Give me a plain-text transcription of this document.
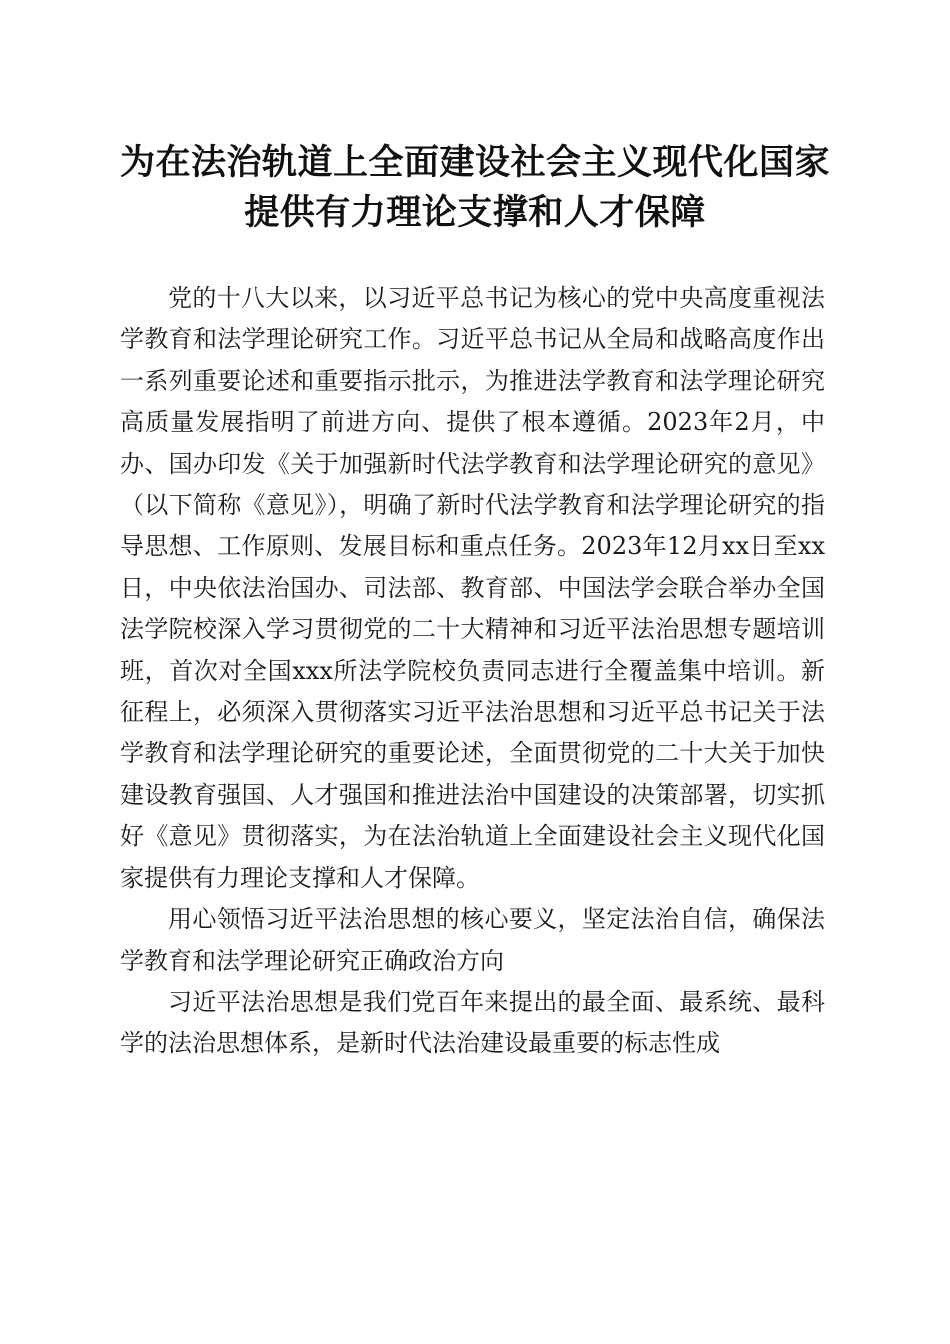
为在法治轨道上全面建设社会主义现代化国家
提供有力理论支撑和人才保障

党的十八大以来，以习近平总书记为核心的党中央高度重视法学教育和法学理论研究工作。习近平总书记从全局和战略高度作出一系列重要论述和重要指示批示，为推进法学教育和法学理论研究高质量发展指明了前进方向、提供了根本遵循。2023年2月，中办、国办印发《关于加强新时代法学教育和法学理论研究的意见》（以下简称《意见》），明确了新时代法学教育和法学理论研究的指导思想、工作原则、发展目标和重点任务。2023年12月xx日至xx日，中央依法治国办、司法部、教育部、中国法学会联合举办全国法学院校深入学习贯彻党的二十大精神和习近平法治思想专题培训班，首次对全国xxx所法学院校负责同志进行全覆盖集中培训。新征程上，必须深入贯彻落实习近平法治思想和习近平总书记关于法学教育和法学理论研究的重要论述，全面贯彻党的二十大关于加快建设教育强国、人才强国和推进法治中国建设的决策部署，切实抓好《意见》贯彻落实，为在法治轨道上全面建设社会主义现代化国家提供有力理论支撑和人才保障。

用心领悟习近平法治思想的核心要义，坚定法治自信，确保法学教育和法学理论研究正确政治方向

习近平法治思想是我们党百年来提出的最全面、最系统、最科学的法治思想体系，是新时代法治建设最重要的标志性成
